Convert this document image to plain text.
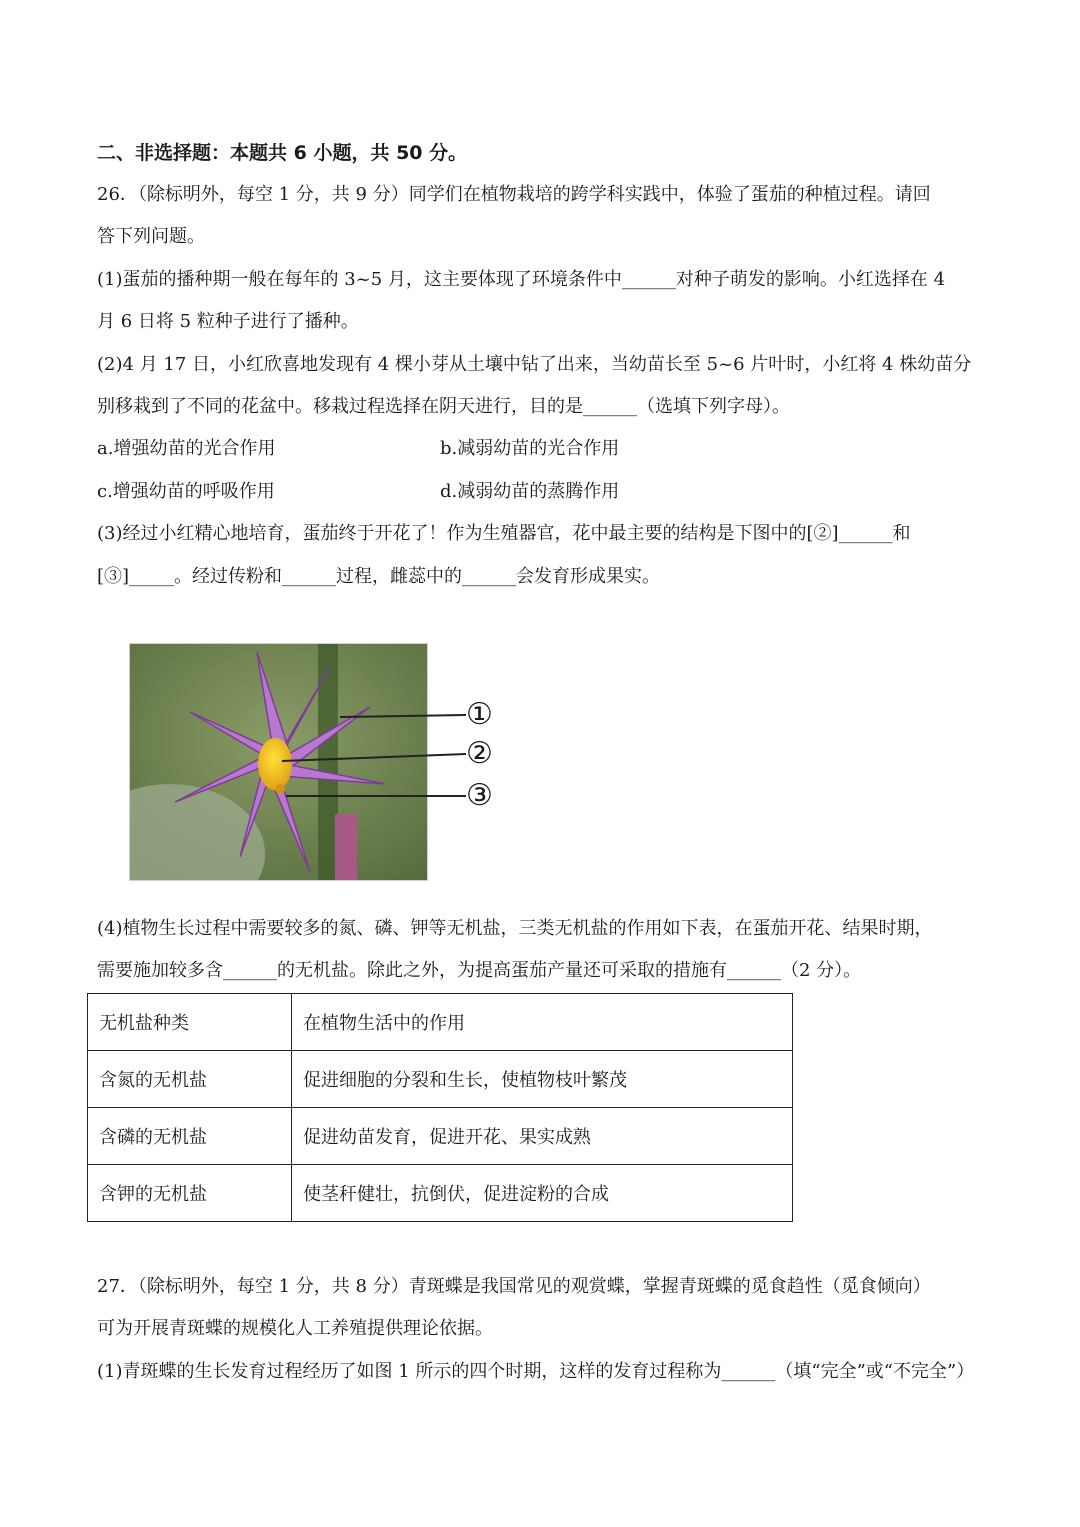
二、非选择题：本题共 6 小题，共 50 分。
26．（除标明外，每空 1 分，共 9 分）同学们在植物栽培的跨学科实践中，体验了蛋茄的种植过程。请回
答下列问题。
(1)蛋茄的播种期一般在每年的 3~5 月，这主要体现了环境条件中______对种子萌发的影响。小红选择在 4
月 6 日将 5 粒种子进行了播种。
(2)4 月 17 日，小红欣喜地发现有 4 棵小芽从土壤中钻了出来，当幼苗长至 5~6 片叶时，小红将 4 株幼苗分
别移栽到了不同的花盆中。移栽过程选择在阴天进行，目的是______（选填下列字母）。
a.增强幼苗的光合作用	b.减弱幼苗的光合作用
c.增强幼苗的呼吸作用	d.减弱幼苗的蒸腾作用
(3)经过小红精心地培育，蛋茄终于开花了！作为生殖器官，花中最主要的结构是下图中的[②]______和
[③]_____。经过传粉和______过程，雌蕊中的______会发育形成果实。
①
②
③
(4)植物生长过程中需要较多的氮、磷、钾等无机盐，三类无机盐的作用如下表，在蛋茄开花、结果时期，
需要施加较多含______的无机盐。除此之外，为提高蛋茄产量还可采取的措施有______（2 分）。
无机盐种类	在植物生活中的作用
含氮的无机盐	促进细胞的分裂和生长，使植物枝叶繁茂
含磷的无机盐	促进幼苗发育，促进开花、果实成熟
含钾的无机盐	使茎秆健壮，抗倒伏，促进淀粉的合成
27．（除标明外，每空 1 分，共 8 分）青斑蝶是我国常见的观赏蝶，掌握青斑蝶的觅食趋性（觅食倾向）
可为开展青斑蝶的规模化人工养殖提供理论依据。
(1)青斑蝶的生长发育过程经历了如图 1 所示的四个时期，这样的发育过程称为______（填“完全”或“不完全”）
